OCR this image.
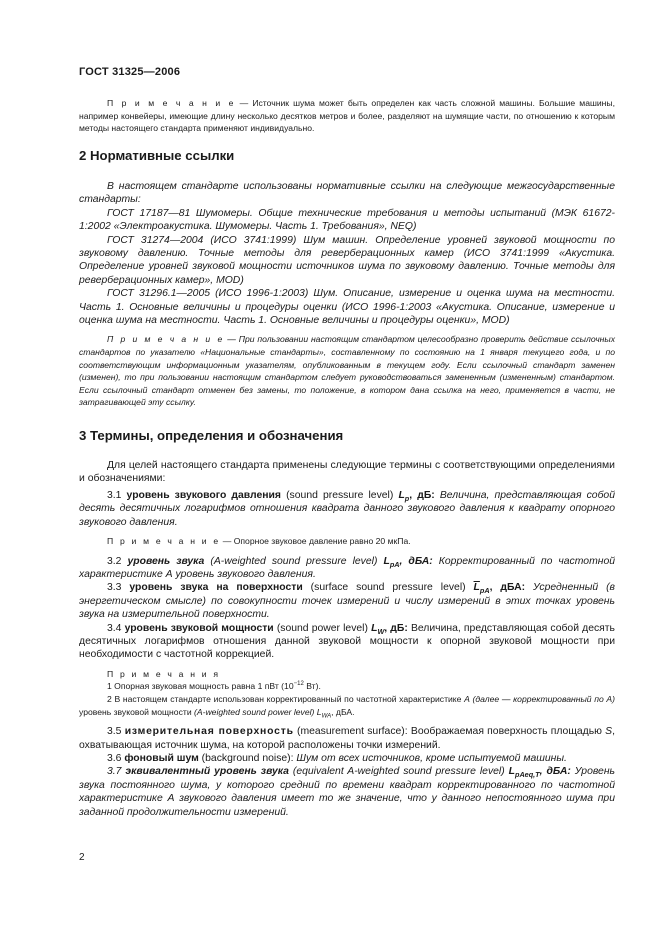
ГОСТ 31325—2006

П р и м е ч а н и е — Источник шума может быть определен как часть сложной машины. Большие машины, например конвейеры, имеющие длину несколько десятков метров и более, разделяют на шумящие части, по отношению к которым методы настоящего стандарта применяют индивидуально.

2 Нормативные ссылки

В настоящем стандарте использованы нормативные ссылки на следующие межгосударственные стандарты:

ГОСТ 17187—81 Шумомеры. Общие технические требования и методы испытаний (МЭК 61672-1:2002 «Электроакустика. Шумомеры. Часть 1. Требования», NEQ)

ГОСТ 31274—2004 (ИСО 3741:1999) Шум машин. Определение уровней звуковой мощности по звуковому давлению. Точные методы для реверберационных камер (ИСО 3741:1999 «Акустика. Определение уровней звуковой мощности источников шума по звуковому давлению. Точные методы для реверберационных камер», MOD)

ГОСТ 31296.1—2005 (ИСО 1996-1:2003) Шум. Описание, измерение и оценка шума на местности. Часть 1. Основные величины и процедуры оценки (ИСО 1996-1:2003 «Акустика. Описание, измерение и оценка шума на местности. Часть 1. Основные величины и процедуры оценки», MOD)

П р и м е ч а н и е — При пользовании настоящим стандартом целесообразно проверить действие ссылочных стандартов по указателю «Национальные стандарты», составленному по состоянию на 1 января текущего года, и по соответствующим информационным указателям, опубликованным в текущем году. Если ссылочный стандарт заменен (изменен), то при пользовании настоящим стандартом следует руководствоваться замененным (измененным) стандартом. Если ссылочный стандарт отменен без замены, то положение, в котором дана ссылка на него, применяется в части, не затрагивающей эту ссылку.

3 Термины, определения и обозначения

Для целей настоящего стандарта применены следующие термины с соответствующими определениями и обозначениями:

3.1 уровень звукового давления (sound pressure level) $L_p$, дБ: Величина, представляющая собой десять десятичных логарифмов отношения квадрата данного звукового давления к квадрату опорного звукового давления.

П р и м е ч а н и е — Опорное звуковое давление равно 20 мкПа.

3.2 уровень звука (A-weighted sound pressure level) $L_{pA}$, дБА: Корректированный по частотной характеристике А уровень звукового давления.

3.3 уровень звука на поверхности (surface sound pressure level) $\overline{L}_{pA}$, дБА: Усредненный (в энергетическом смысле) по совокупности точек измерений и числу измерений в этих точках уровень звука на измерительной поверхности.

3.4 уровень звуковой мощности (sound power level) $L_W$, дБ: Величина, представляющая собой десять десятичных логарифмов отношения данной звуковой мощности к опорной звуковой мощности при необходимости с частотной коррекцией.

П р и м е ч а н и я

1 Опорная звуковая мощность равна 1 пВт ($10^{-12}$ Вт).

2 В настоящем стандарте использован корректированный по частотной характеристике А (далее — корректированный по А) уровень звуковой мощности (A-weighted sound power level) $L_{WA}$, дБА.

3.5 измерительная поверхность (measurement surface): Воображаемая поверхность площадью S, охватывающая источник шума, на которой расположены точки измерений.

3.6 фоновый шум (background noise): Шум от всех источников, кроме испытуемой машины.

3.7 эквивалентный уровень звука (equivalent A-weighted sound pressure level) $L_{pAeq,T}$, дБА: Уровень звука постоянного шума, у которого средний по времени квадрат корректированного по частотной характеристике А звукового давления имеет то же значение, что у данного непостоянного шума при заданной продолжительности измерений.

2
